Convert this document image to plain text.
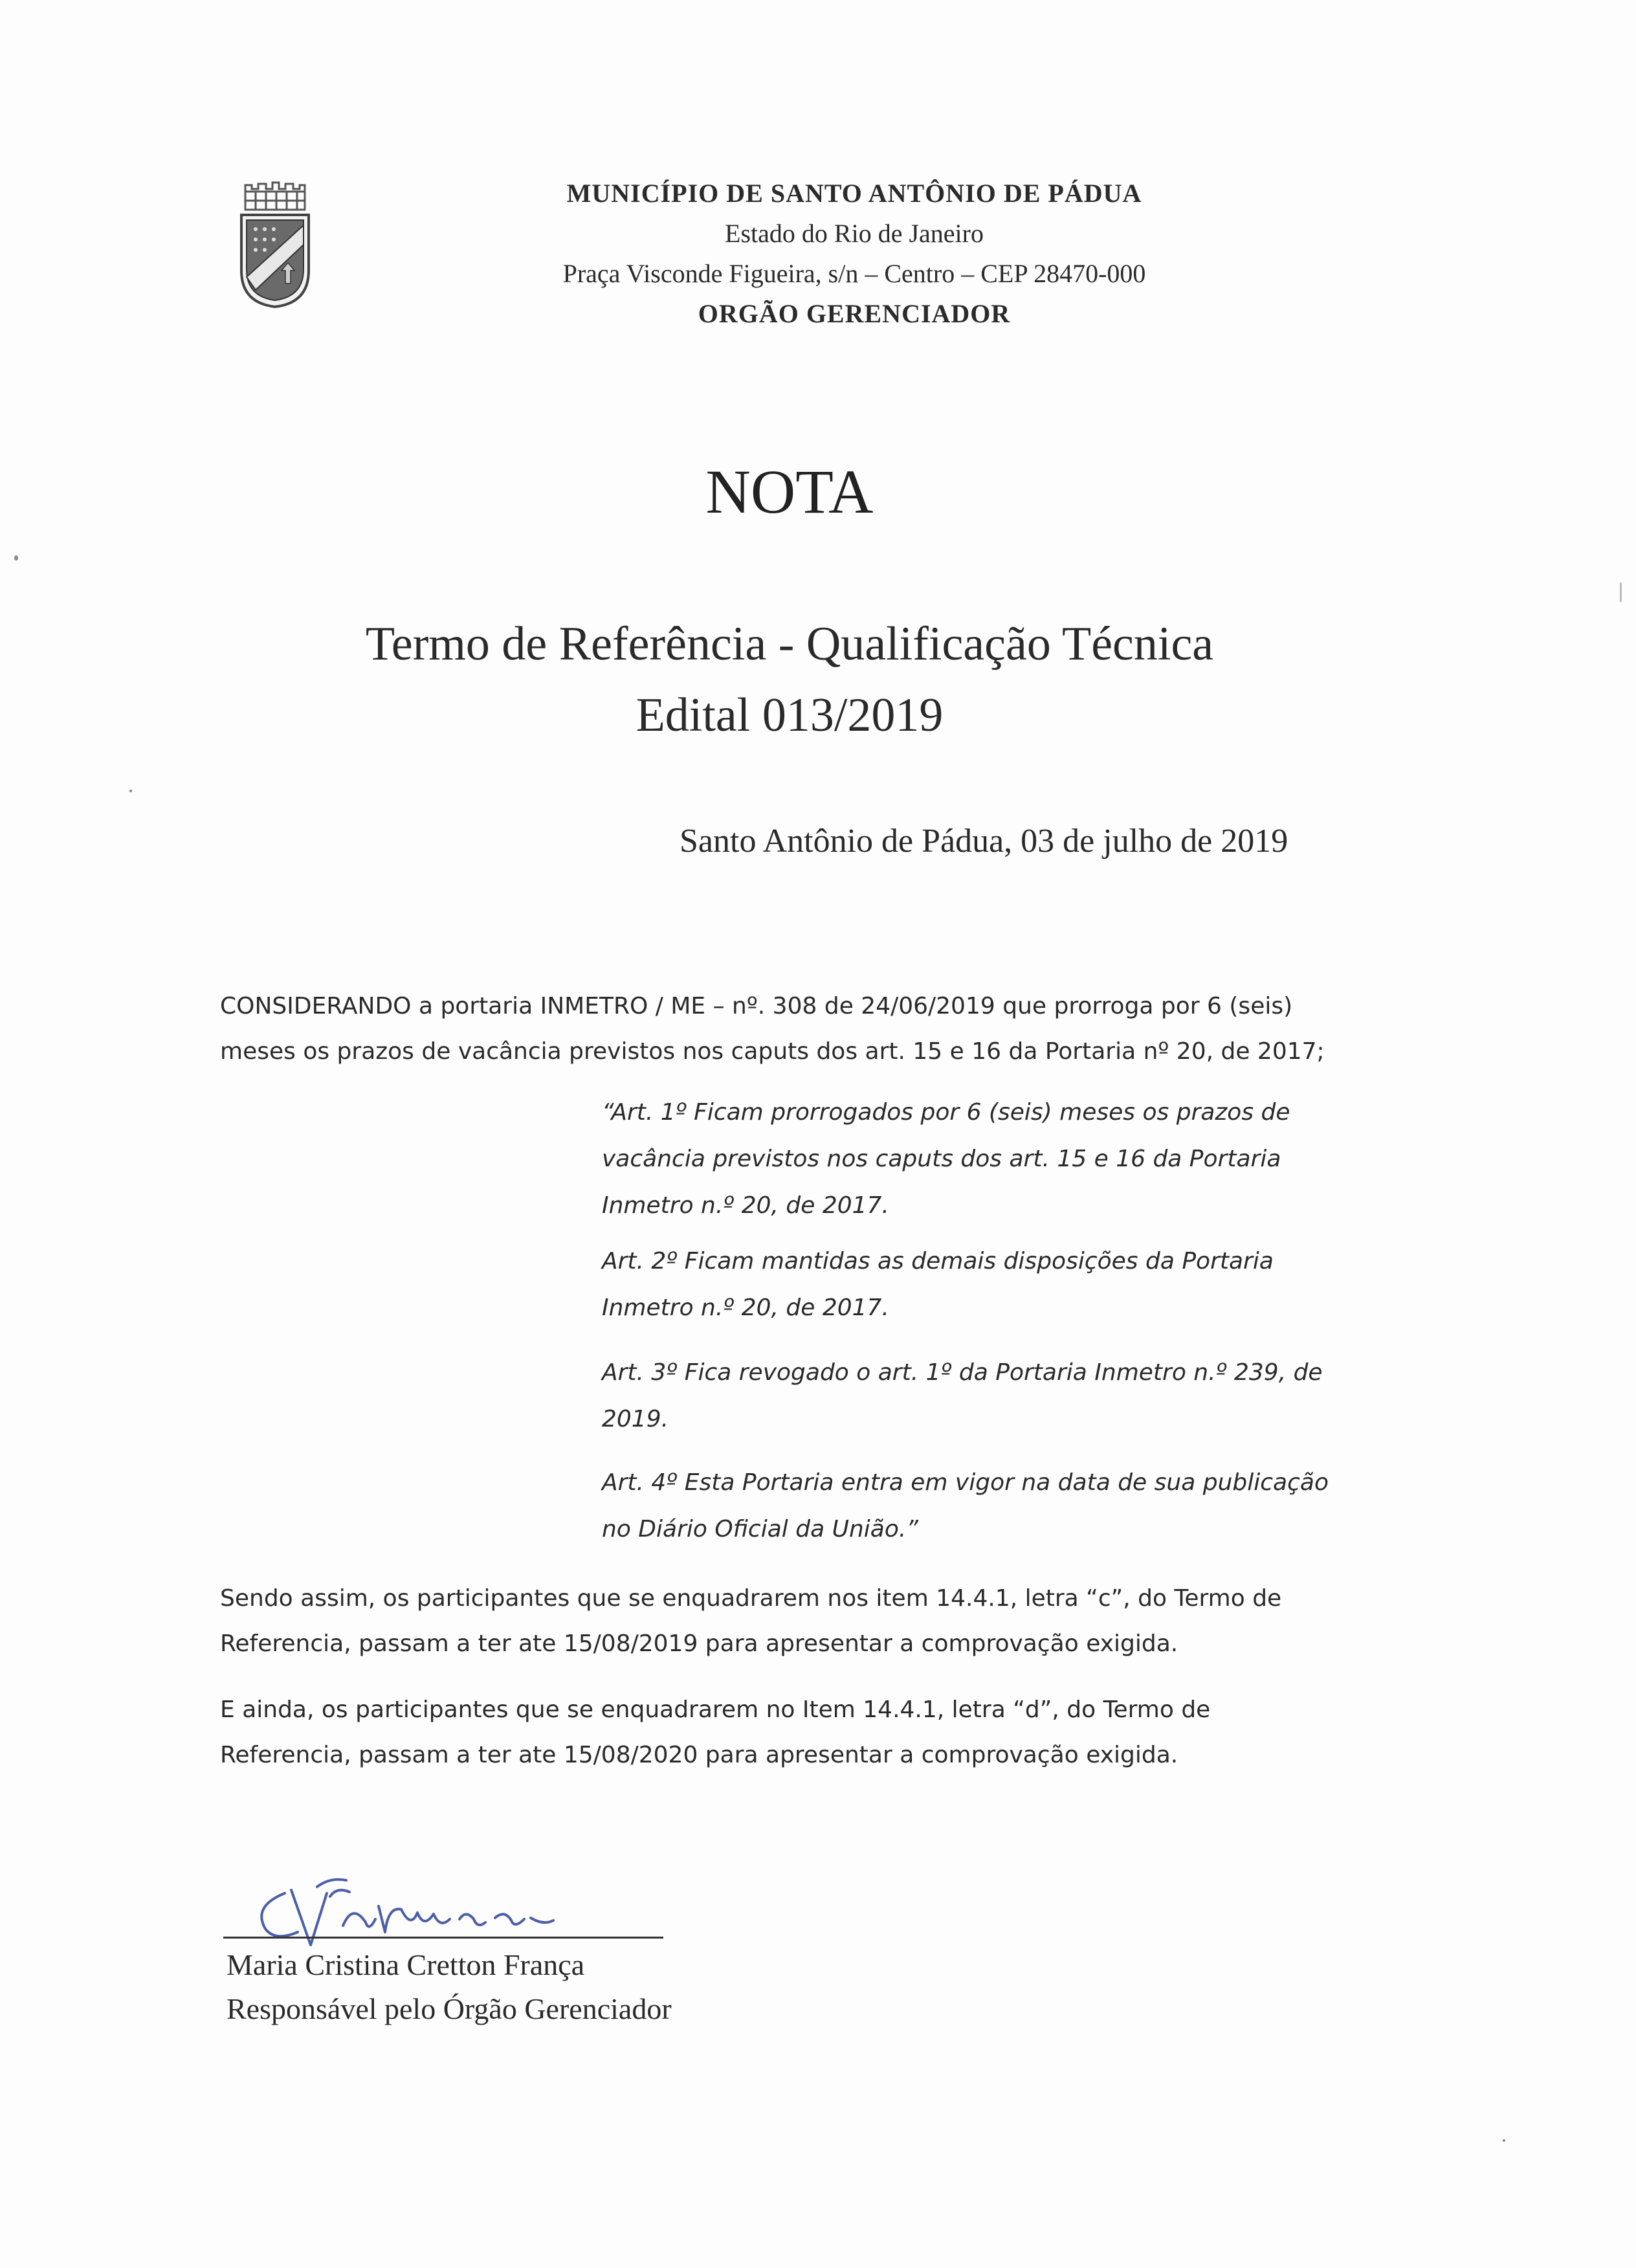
MUNICÍPIO DE SANTO ANTÔNIO DE PÁDUA
Estado do Rio de Janeiro
Praça Visconde Figueira, s/n – Centro – CEP 28470-000
ORGÃO GERENCIADOR
NOTA
Termo de Referência - Qualificação Técnica
Edital 013/2019
Santo Antônio de Pádua, 03 de julho de 2019
CONSIDERANDO a portaria INMETRO / ME – nº. 308 de 24/06/2019 que prorroga por 6 (seis)
meses os prazos de vacância previstos nos caputs dos art. 15 e 16 da Portaria nº 20, de 2017;
“Art. 1º Ficam prorrogados por 6 (seis) meses os prazos de
vacância previstos nos caputs dos art. 15 e 16 da Portaria
Inmetro n.º 20, de 2017.
Art. 2º Ficam mantidas as demais disposições da Portaria
Inmetro n.º 20, de 2017.
Art. 3º Fica revogado o art. 1º da Portaria Inmetro n.º 239, de
2019.
Art. 4º Esta Portaria entra em vigor na data de sua publicação
no Diário Oficial da União.”
Sendo assim, os participantes que se enquadrarem nos item 14.4.1, letra “c”, do Termo de
Referencia, passam a ter ate 15/08/2019 para apresentar a comprovação exigida.
E ainda, os participantes que se enquadrarem no Item 14.4.1, letra “d”, do Termo de
Referencia, passam a ter ate 15/08/2020 para apresentar a comprovação exigida.
Maria Cristina Cretton França
Responsável pelo Órgão Gerenciador
